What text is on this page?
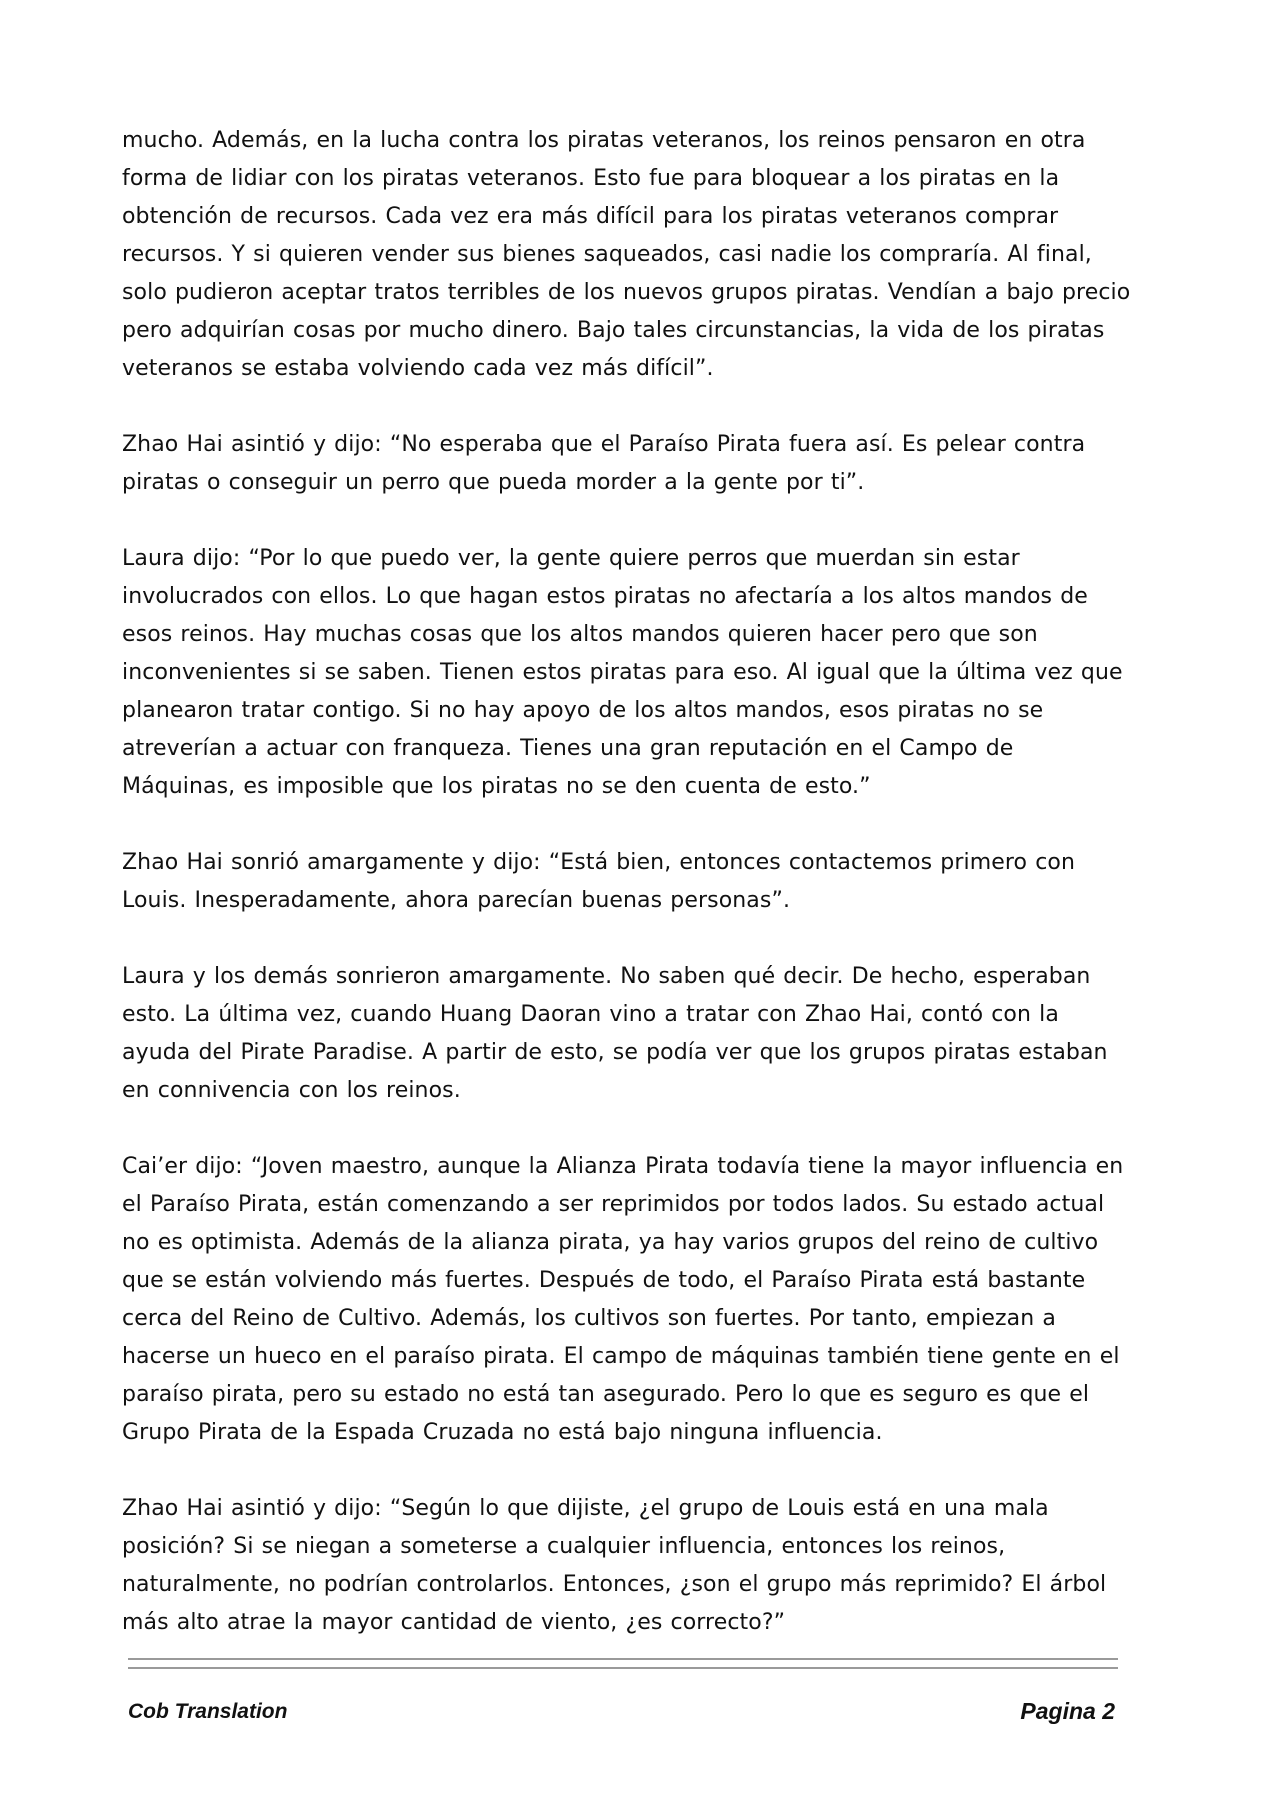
mucho. Además, en la lucha contra los piratas veteranos, los reinos pensaron en otra forma de lidiar con los piratas veteranos. Esto fue para bloquear a los piratas en la obtención de recursos. Cada vez era más difícil para los piratas veteranos comprar recursos. Y si quieren vender sus bienes saqueados, casi nadie los compraría. Al final, solo pudieron aceptar tratos terribles de los nuevos grupos piratas. Vendían a bajo precio pero adquirían cosas por mucho dinero. Bajo tales circunstancias, la vida de los piratas veteranos se estaba volviendo cada vez más difícil”.

Zhao Hai asintió y dijo: “No esperaba que el Paraíso Pirata fuera así. Es pelear contra piratas o conseguir un perro que pueda morder a la gente por ti”.

Laura dijo: “Por lo que puedo ver, la gente quiere perros que muerdan sin estar involucrados con ellos. Lo que hagan estos piratas no afectaría a los altos mandos de esos reinos. Hay muchas cosas que los altos mandos quieren hacer pero que son inconvenientes si se saben. Tienen estos piratas para eso. Al igual que la última vez que planearon tratar contigo. Si no hay apoyo de los altos mandos, esos piratas no se atreverían a actuar con franqueza. Tienes una gran reputación en el Campo de Máquinas, es imposible que los piratas no se den cuenta de esto.”

Zhao Hai sonrió amargamente y dijo: “Está bien, entonces contactemos primero con Louis. Inesperadamente, ahora parecían buenas personas”.

Laura y los demás sonrieron amargamente. No saben qué decir. De hecho, esperaban esto. La última vez, cuando Huang Daoran vino a tratar con Zhao Hai, contó con la ayuda del Pirate Paradise. A partir de esto, se podía ver que los grupos piratas estaban en connivencia con los reinos.

Cai’er dijo: “Joven maestro, aunque la Alianza Pirata todavía tiene la mayor influencia en el Paraíso Pirata, están comenzando a ser reprimidos por todos lados. Su estado actual no es optimista. Además de la alianza pirata, ya hay varios grupos del reino de cultivo que se están volviendo más fuertes. Después de todo, el Paraíso Pirata está bastante cerca del Reino de Cultivo. Además, los cultivos son fuertes. Por tanto, empiezan a hacerse un hueco en el paraíso pirata. El campo de máquinas también tiene gente en el paraíso pirata, pero su estado no está tan asegurado. Pero lo que es seguro es que el Grupo Pirata de la Espada Cruzada no está bajo ninguna influencia.

Zhao Hai asintió y dijo: “Según lo que dijiste, ¿el grupo de Louis está en una mala posición? Si se niegan a someterse a cualquier influencia, entonces los reinos, naturalmente, no podrían controlarlos. Entonces, ¿son el grupo más reprimido? El árbol más alto atrae la mayor cantidad de viento, ¿es correcto?”

Cob Translation	Pagina 2
